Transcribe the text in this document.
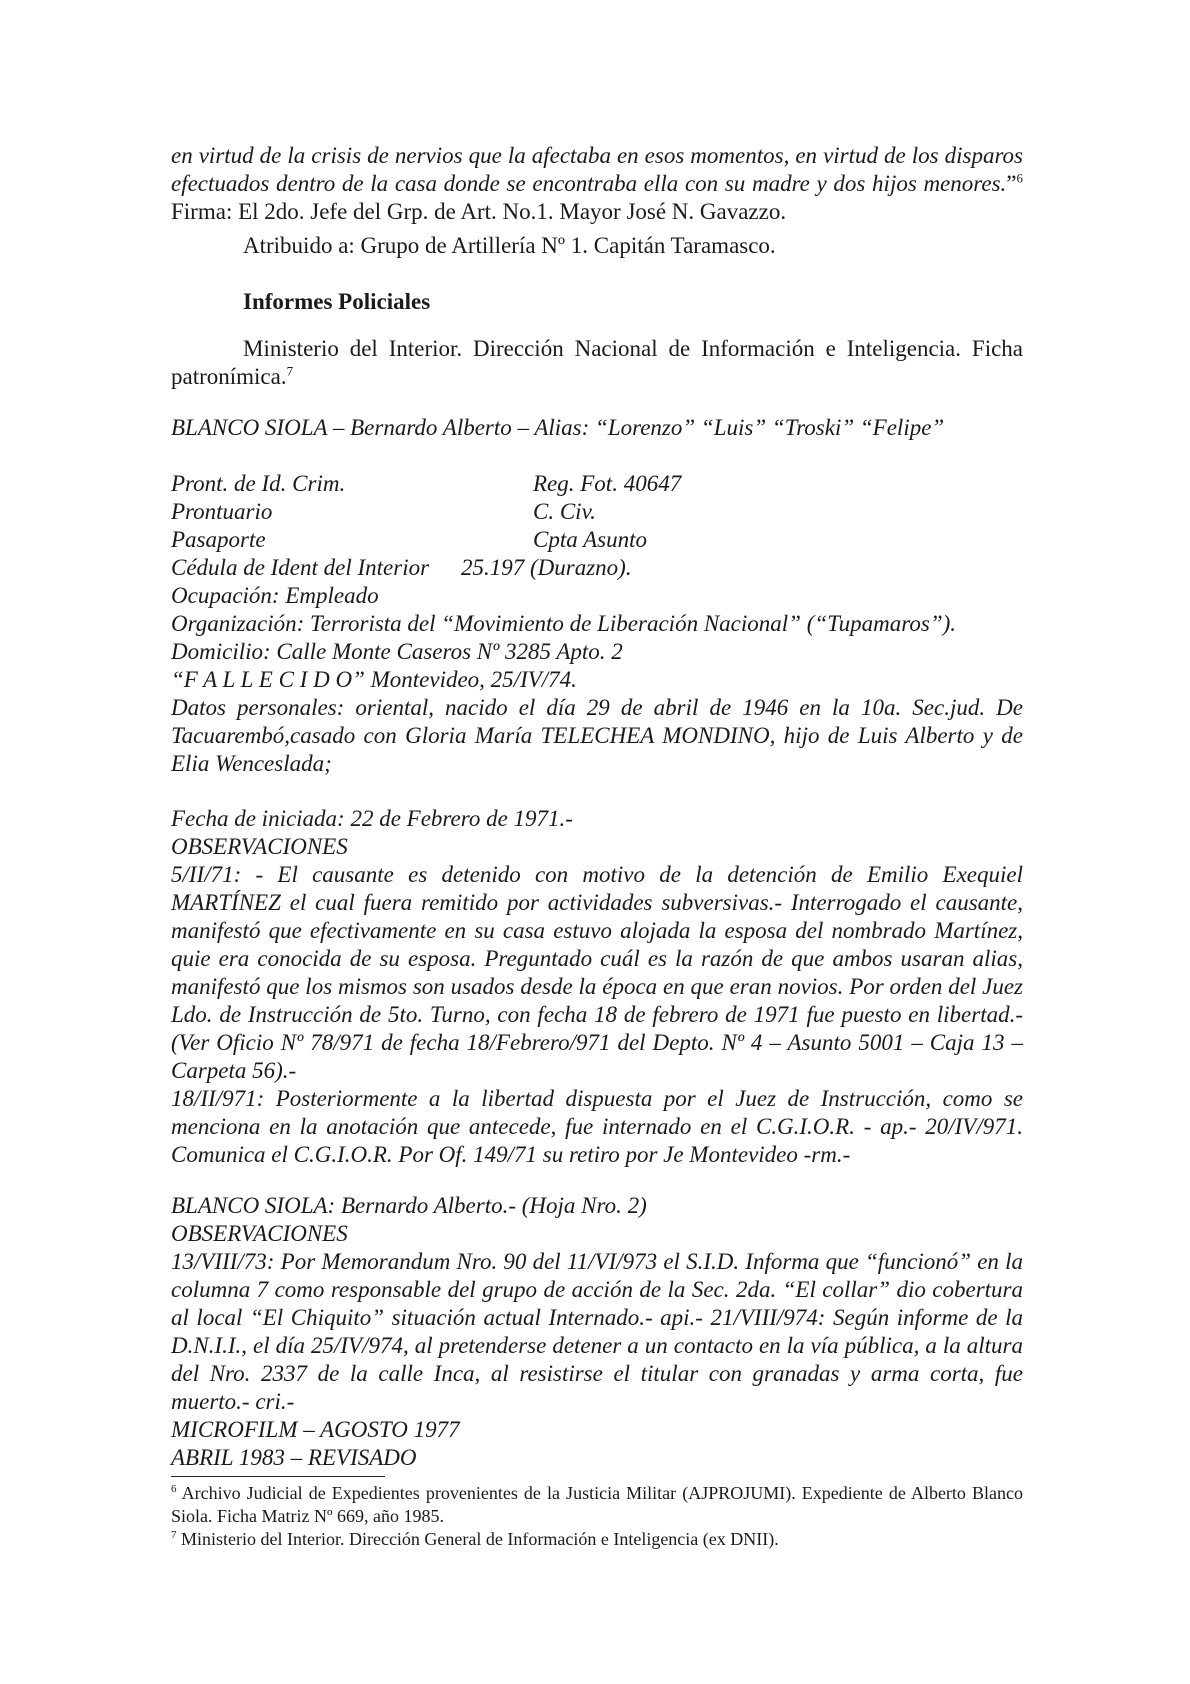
en virtud de la crisis de nervios que la afectaba en esos momentos, en virtud de los disparos efectuados dentro de la casa donde se encontraba ella con su madre y dos hijos menores.”$^6$ Firma: El 2do. Jefe del Grp. de Art. No.1. Mayor José N. Gavazzo.

Atribuido a: Grupo de Artillería Nº 1. Capitán Taramasco.

Informes Policiales

Ministerio del Interior. Dirección Nacional de Información e Inteligencia. Ficha patronímica.$^7$

BLANCO SIOLA – Bernardo Alberto – Alias: “Lorenzo” “Luis” “Troski” “Felipe”

Pront. de Id. Crim.	Reg. Fot. 40647

Prontuario	C. Civ.

Pasaporte	Cpta Asunto

Cédula de Ident del Interior	25.197 (Durazno).

Ocupación: Empleado

Organización: Terrorista del “Movimiento de Liberación Nacional” (“Tupamaros”).

Domicilio: Calle Monte Caseros Nº 3285 Apto. 2

“F A L L E C I D O” Montevideo, 25/IV/74.

Datos personales: oriental, nacido el día 29 de abril de 1946 en la 10a. Sec.jud. De Tacuarembó,casado con Gloria María TELECHEA MONDINO, hijo de Luis Alberto y de Elia Wenceslada;

Fecha de iniciada: 22 de Febrero de 1971.-

OBSERVACIONES

5/II/71: - El causante es detenido con motivo de la detención de Emilio Exequiel MARTÍNEZ el cual fuera remitido por actividades subversivas.- Interrogado el causante, manifestó que efectivamente en su casa estuvo alojada la esposa del nombrado Martínez, quie era conocida de su esposa. Preguntado cuál es la razón de que ambos usaran alias, manifestó que los mismos son usados desde la época en que eran novios. Por orden del Juez Ldo. de Instrucción de 5to. Turno, con fecha 18 de febrero de 1971 fue puesto en libertad.- (Ver Oficio Nº 78/971 de fecha 18/Febrero/971 del Depto. Nº 4 – Asunto 5001 – Caja 13 – Carpeta 56).-

18/II/971: Posteriormente a la libertad dispuesta por el Juez de Instrucción, como se menciona en la anotación que antecede, fue internado en el C.G.I.O.R. - ap.- 20/IV/971. Comunica el C.G.I.O.R. Por Of. 149/71 su retiro por Je Montevideo -rm.-

BLANCO SIOLA: Bernardo Alberto.- (Hoja Nro. 2)

OBSERVACIONES

13/VIII/73: Por Memorandum Nro. 90 del 11/VI/973 el S.I.D. Informa que “funcionó” en la columna 7 como responsable del grupo de acción de la Sec. 2da. “El collar” dio cobertura al local “El Chiquito” situación actual Internado.- api.- 21/VIII/974: Según informe de la D.N.I.I., el día 25/IV/974, al pretenderse detener a un contacto en la vía pública, a la altura del Nro. 2337 de la calle Inca, al resistirse el titular con granadas y arma corta, fue muerto.- cri.-

MICROFILM – AGOSTO 1977

ABRIL 1983 – REVISADO

$^6$ Archivo Judicial de Expedientes provenientes de la Justicia Militar (AJPROJUMI). Expediente de Alberto Blanco Siola. Ficha Matriz Nº 669, año 1985.

$^7$ Ministerio del Interior. Dirección General de Información e Inteligencia (ex DNII).
